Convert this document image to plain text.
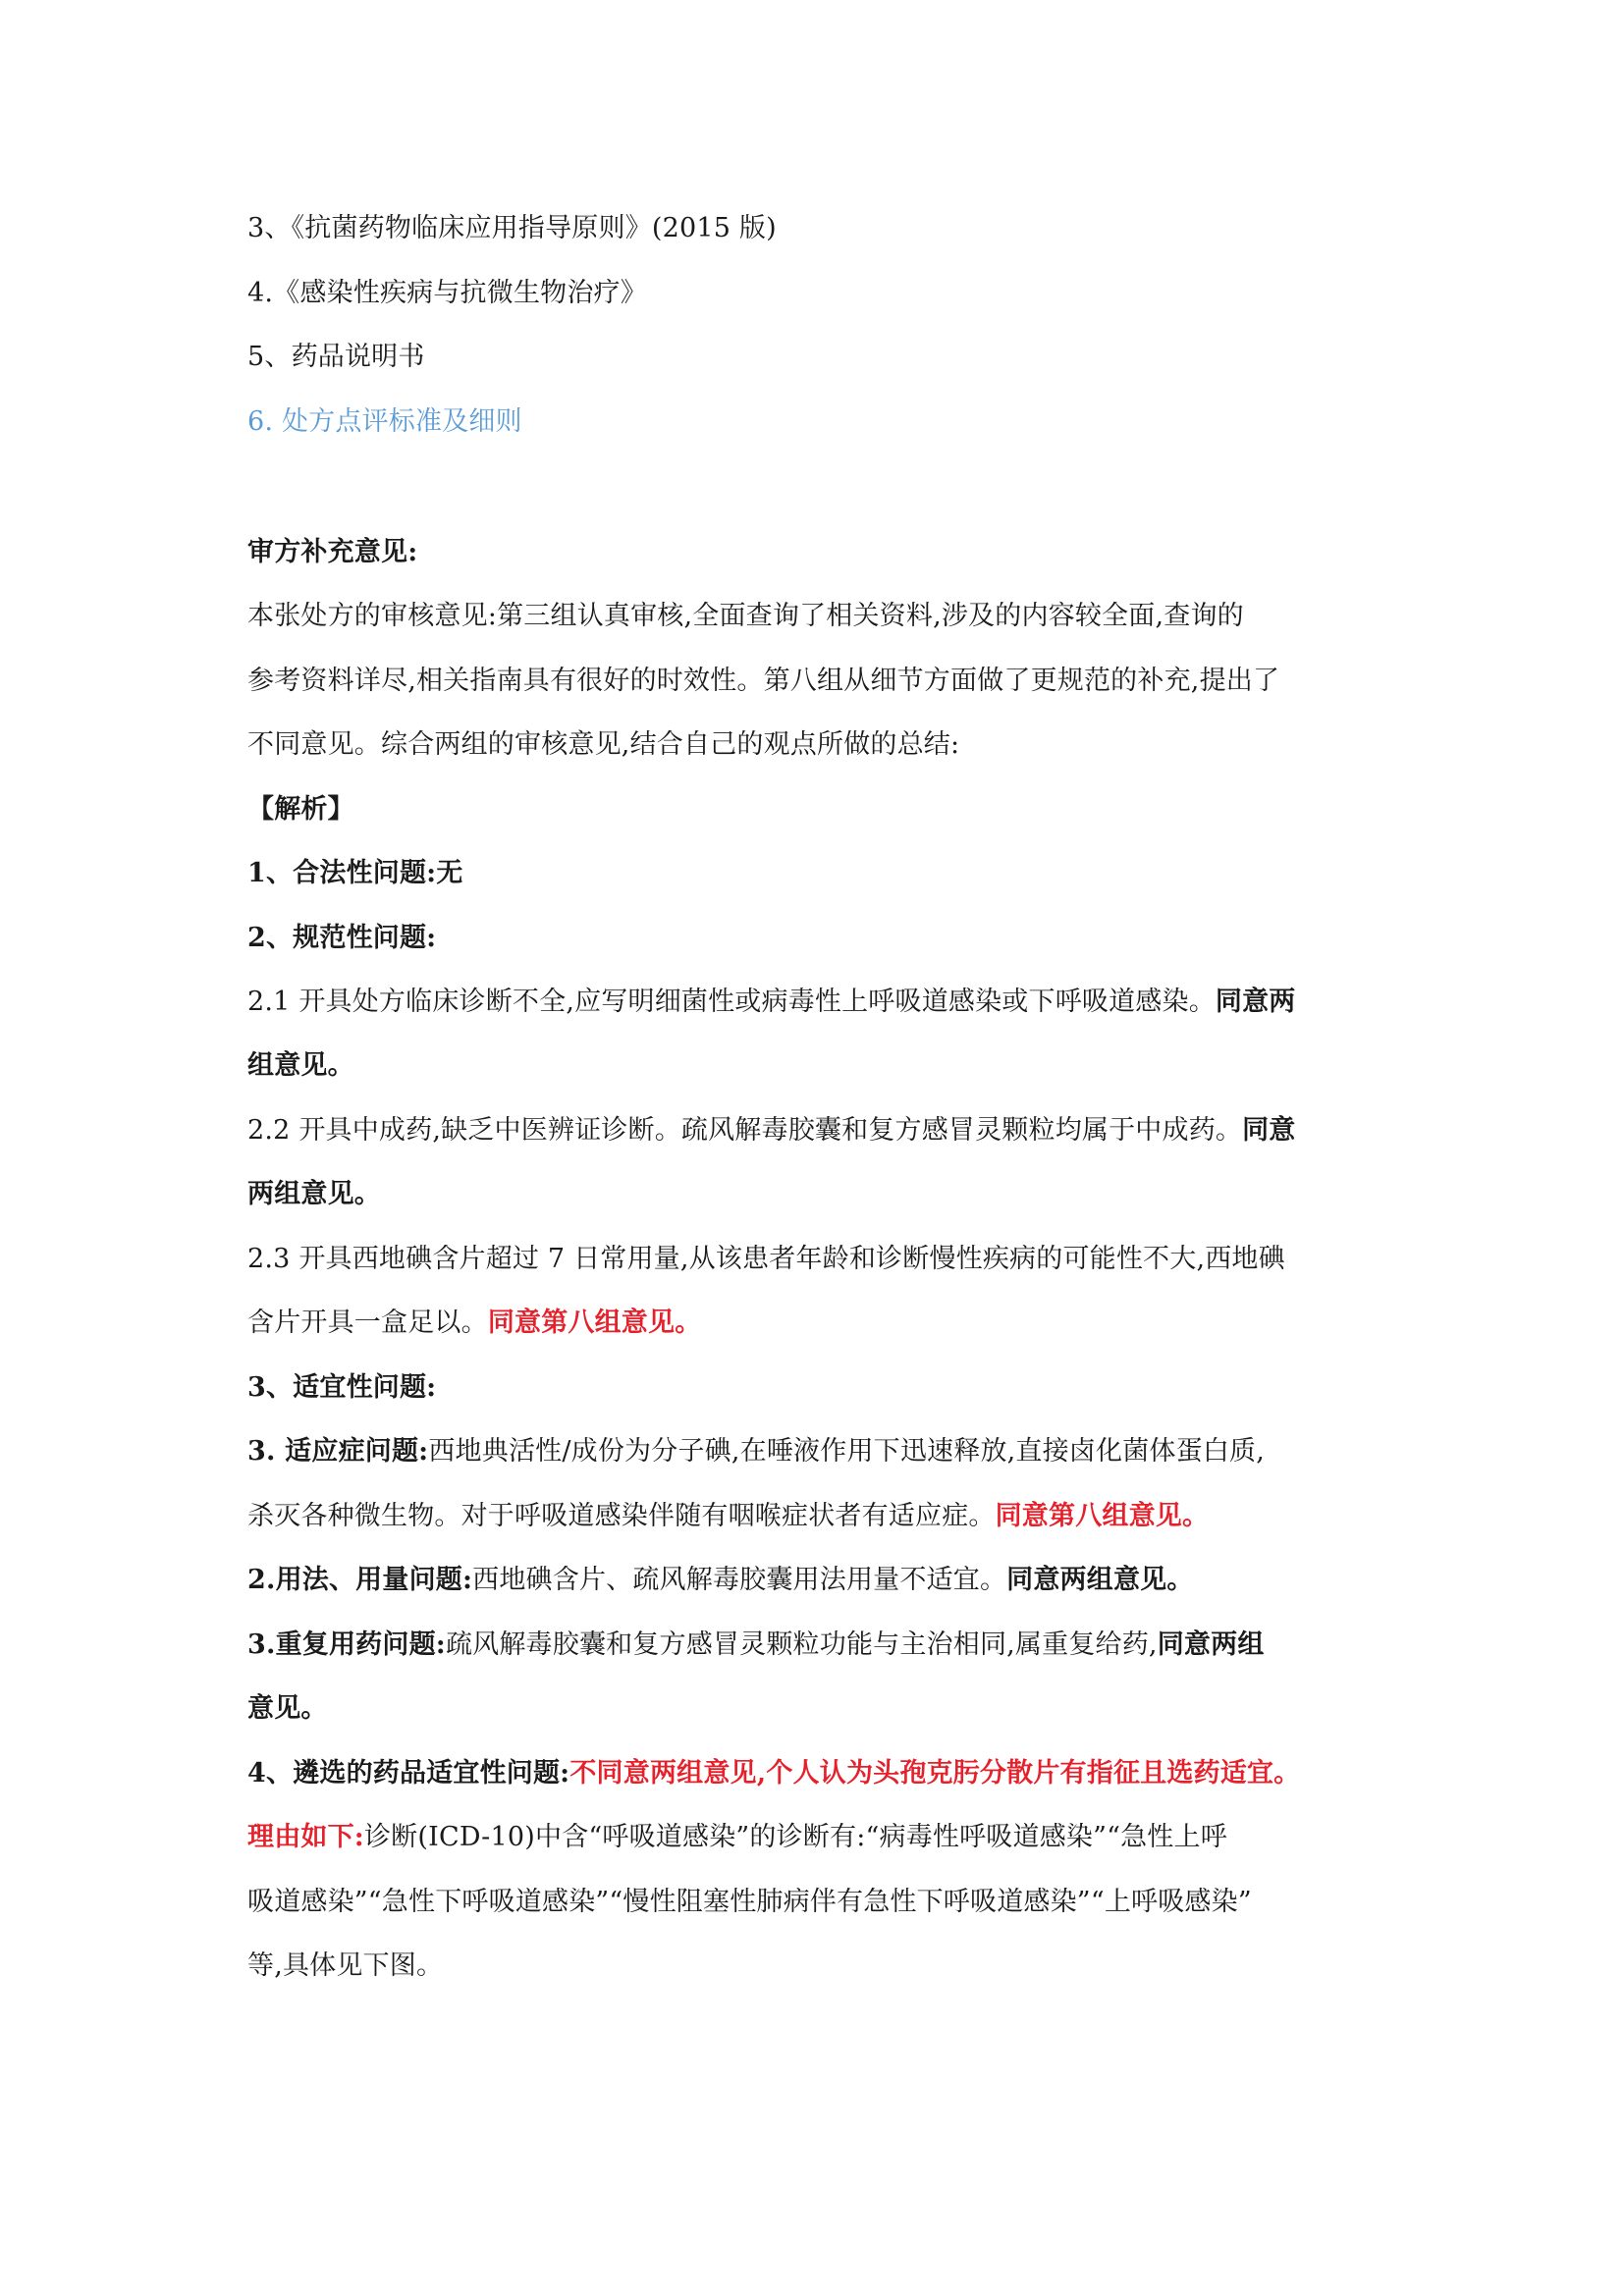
3、《抗菌药物临床应用指导原则》(2015 版)
4.《感染性疾病与抗微生物治疗》
5、药品说明书
6. 处方点评标准及细则
审方补充意见:
本张处方的审核意见:第三组认真审核,全面查询了相关资料,涉及的内容较全面,查询的
参考资料详尽,相关指南具有很好的时效性。第八组从细节方面做了更规范的补充,提出了
不同意见。综合两组的审核意见,结合自己的观点所做的总结:
【解析】
1、合法性问题:无
2、规范性问题:
2.1 开具处方临床诊断不全,应写明细菌性或病毒性上呼吸道感染或下呼吸道感染。同意两
组意见。
2.2 开具中成药,缺乏中医辨证诊断。疏风解毒胶囊和复方感冒灵颗粒均属于中成药。同意
两组意见。
2.3 开具西地碘含片超过 7 日常用量,从该患者年龄和诊断慢性疾病的可能性不大,西地碘
含片开具一盒足以。同意第八组意见。
3、适宜性问题:
3. 适应症问题:西地典活性/成份为分子碘,在唾液作用下迅速释放,直接卤化菌体蛋白质,
杀灭各种微生物。对于呼吸道感染伴随有咽喉症状者有适应症。同意第八组意见。
2.用法、用量问题:西地碘含片、疏风解毒胶囊用法用量不适宜。同意两组意见。
3.重复用药问题:疏风解毒胶囊和复方感冒灵颗粒功能与主治相同,属重复给药,同意两组
意见。
4、遴选的药品适宜性问题:不同意两组意见,个人认为头孢克肟分散片有指征且选药适宜。
理由如下:诊断(ICD-10)中含“呼吸道感染”的诊断有:“病毒性呼吸道感染”“急性上呼
吸道感染”“急性下呼吸道感染”“慢性阻塞性肺病伴有急性下呼吸道感染”“上呼吸感染”
等,具体见下图。
